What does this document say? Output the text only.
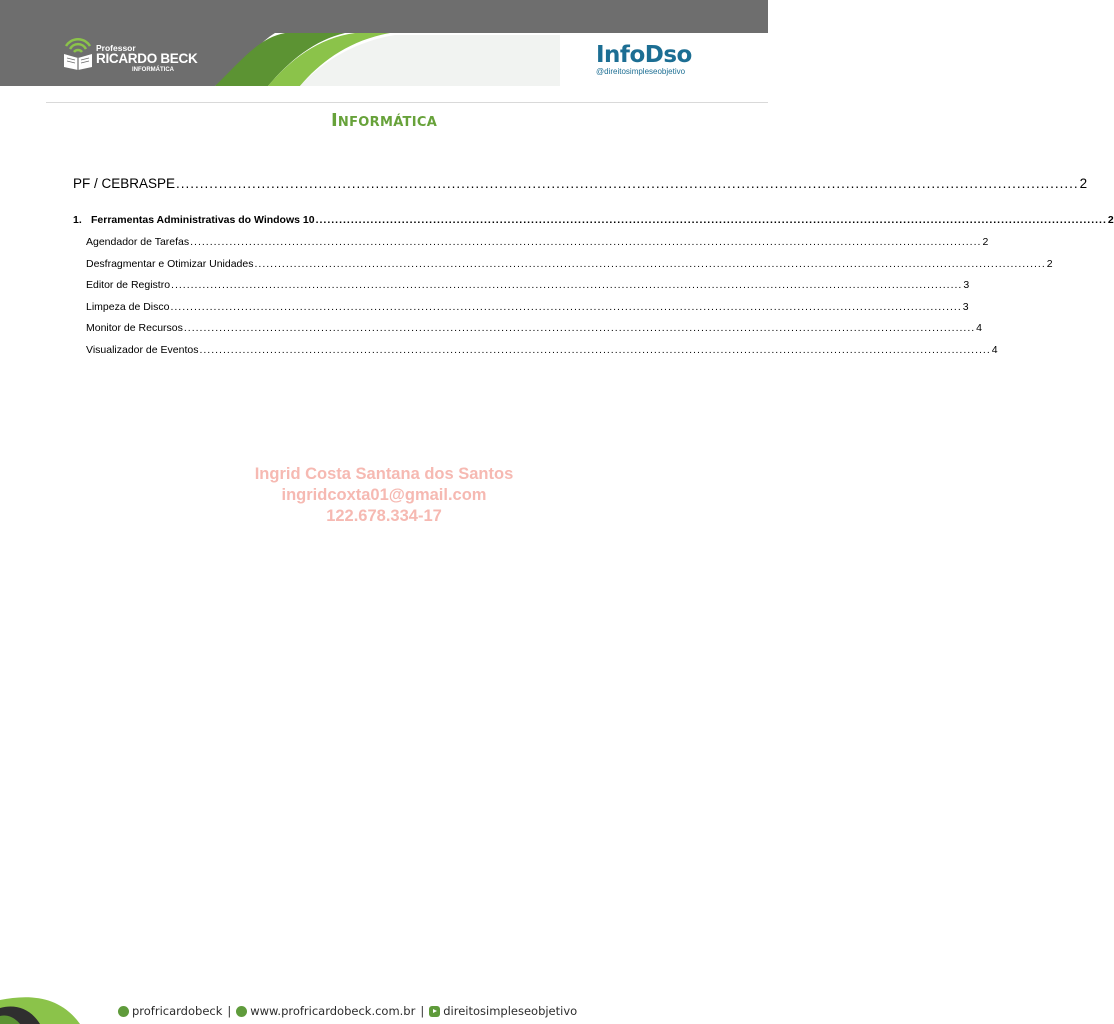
Professor
RICARDO BECK
INFORMÁTICA
InfoDso
@direitosimpleseobjetivo
Informática
PF / CEBRASPE .............................................................................................................................................................................................. 2
1. Ferramentas Administrativas do Windows 10 .......................................................................................................................................................................................................... 2
Agendador de Tarefas .......................................................................................................................................................................................................... 2
Desfragmentar e Otimizar Unidades .......................................................................................................................................................................................................... 2
Editor de Registro .......................................................................................................................................................................................................... 3
Limpeza de Disco .......................................................................................................................................................................................................... 3
Monitor de Recursos .......................................................................................................................................................................................................... 4
Visualizador de Eventos .......................................................................................................................................................................................................... 4
Ingrid Costa Santana dos Santos
ingridcoxta01@gmail.com
122.678.334-17
profricardobeck | www.profricardobeck.com.br | direitosimpleseobjetivo
